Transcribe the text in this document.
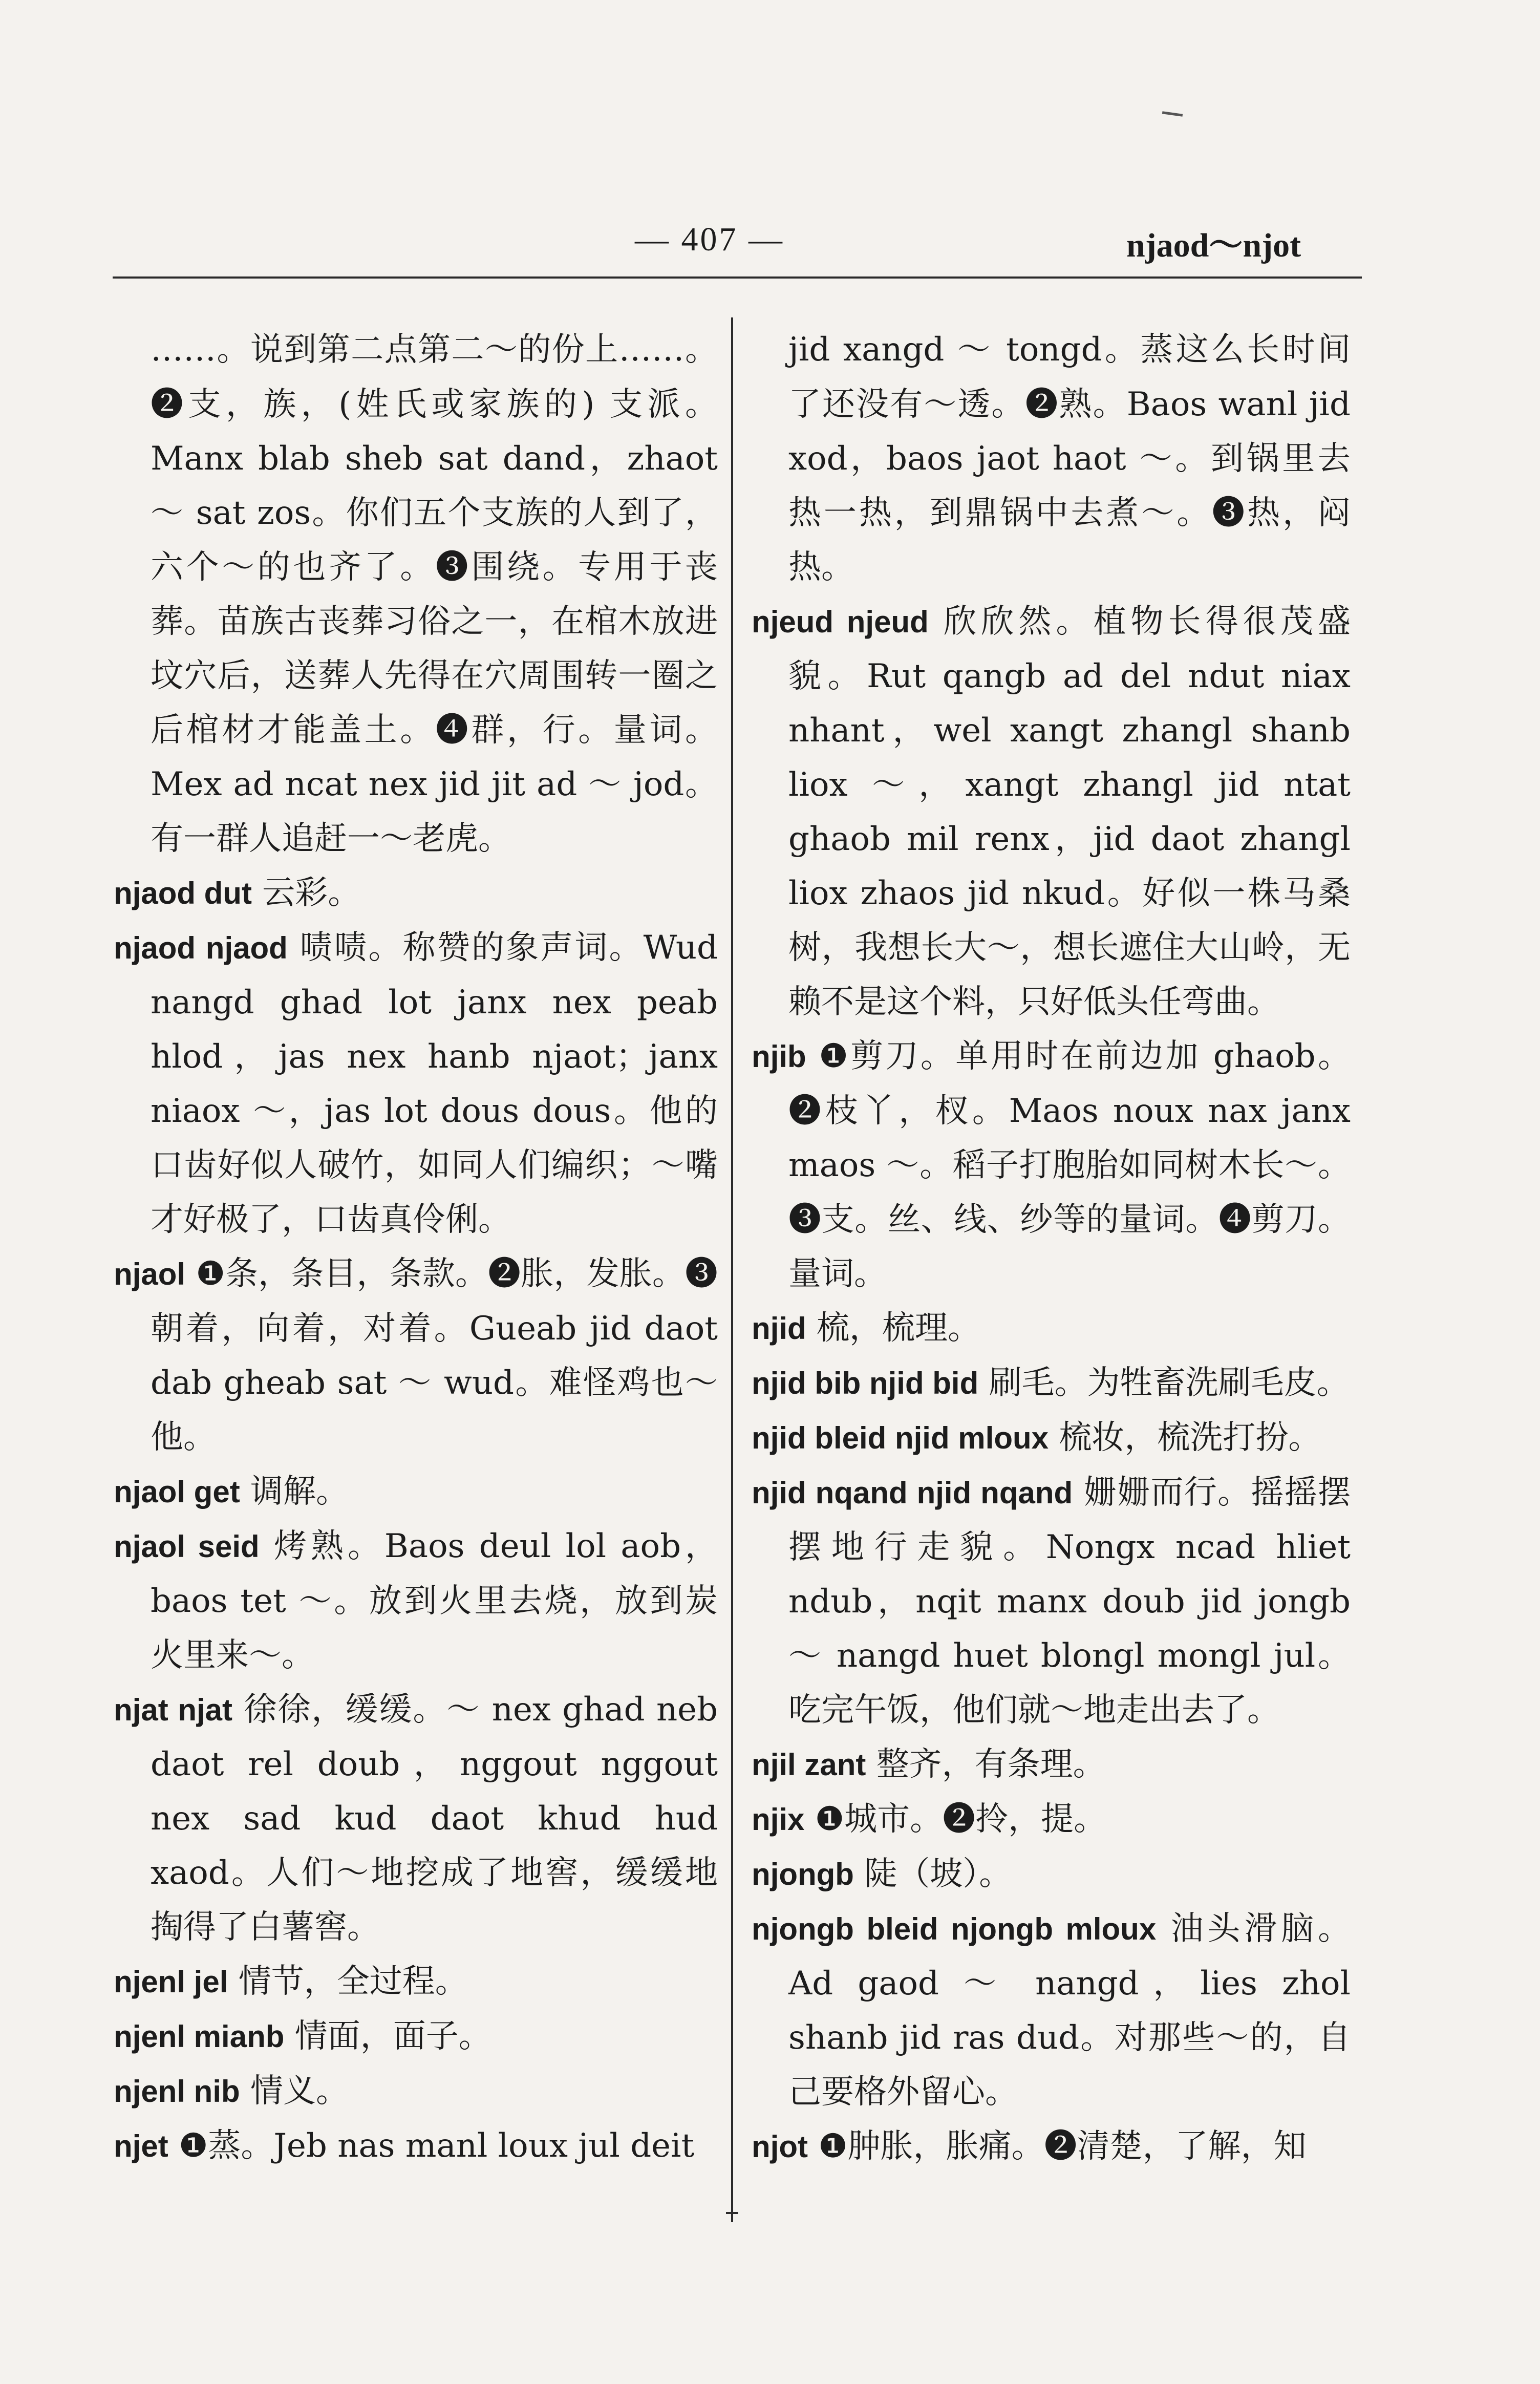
— 407 —	njaod～njot

……。说到第二点第二～的份上……。❷支，族，(姓氏或家族的) 支派。Manx blab sheb sat dand，zhaot ～ sat zos。你们五个支族的人到了，六个～的也齐了。❸围绕。专用于丧葬。苗族古丧葬习俗之一，在棺木放进坟穴后，送葬人先得在穴周围转一圈之后棺材才能盖土。❹群，行。量词。Mex ad ncat nex jid jit ad ～ jod。有一群人追赶一～老虎。

njaod dut 云彩。

njaod njaod 啧啧。称赞的象声词。Wud nangd ghad lot janx nex peab hlod，jas nex hanb njaot；janx niaox ～，jas lot dous dous。他的口齿好似人破竹，如同人们编织；～嘴才好极了，口齿真伶俐。

njaol ❶条，条目，条款。❷胀，发胀。❸朝着，向着，对着。Gueab jid daot dab gheab sat ～ wud。难怪鸡也～他。

njaol get 调解。

njaol seid 烤熟。Baos deul lol aob，baos tet ～。放到火里去烧，放到炭火里来～。

njat njat 徐徐，缓缓。～ nex ghad neb daot rel doub，nggout nggout nex sad kud daot khud hud xaod。人们～地挖成了地窖，缓缓地掏得了白薯窖。

njenl jel 情节，全过程。

njenl mianb 情面，面子。

njenl nib 情义。

njet ❶蒸。Jeb nas manl loux jul deit

jid xangd ～ tongd。蒸这么长时间了还没有～透。❷熟。Baos wanl jid xod，baos jaot haot ～。到锅里去热一热，到鼎锅中去煮～。❸热，闷热。

njeud njeud 欣欣然。植物长得很茂盛貌。Rut qangb ad del ndut niax nhant，wel xangt zhangl shanb liox ～，xangt zhangl jid ntat ghaob mil renx，jid daot zhangl liox zhaos jid nkud。好似一株马桑树，我想长大～，想长遮住大山岭，无赖不是这个料，只好低头任弯曲。

njib ❶剪刀。单用时在前边加 ghaob。❷枝丫，杈。Maos noux nax janx maos ～。稻子打胞胎如同树木长～。❸支。丝、线、纱等的量词。❹剪刀。量词。

njid 梳，梳理。

njid bib njid bid 刷毛。为牲畜洗刷毛皮。

njid bleid njid mloux 梳妆，梳洗打扮。

njid nqand njid nqand 姗姗而行。摇摇摆摆地行走貌。Nongx ncad hliet ndub，nqit manx doub jid jongb ～ nangd huet blongl mongl jul。吃完午饭，他们就～地走出去了。

njil zant 整齐，有条理。

njix ❶城市。❷拎，提。

njongb 陡（坡）。

njongb bleid njongb mloux 油头滑脑。Ad gaod ～ nangd，lies zhol shanb jid ras dud。对那些～的，自己要格外留心。

njot ❶肿胀，胀痛。❷清楚，了解，知
